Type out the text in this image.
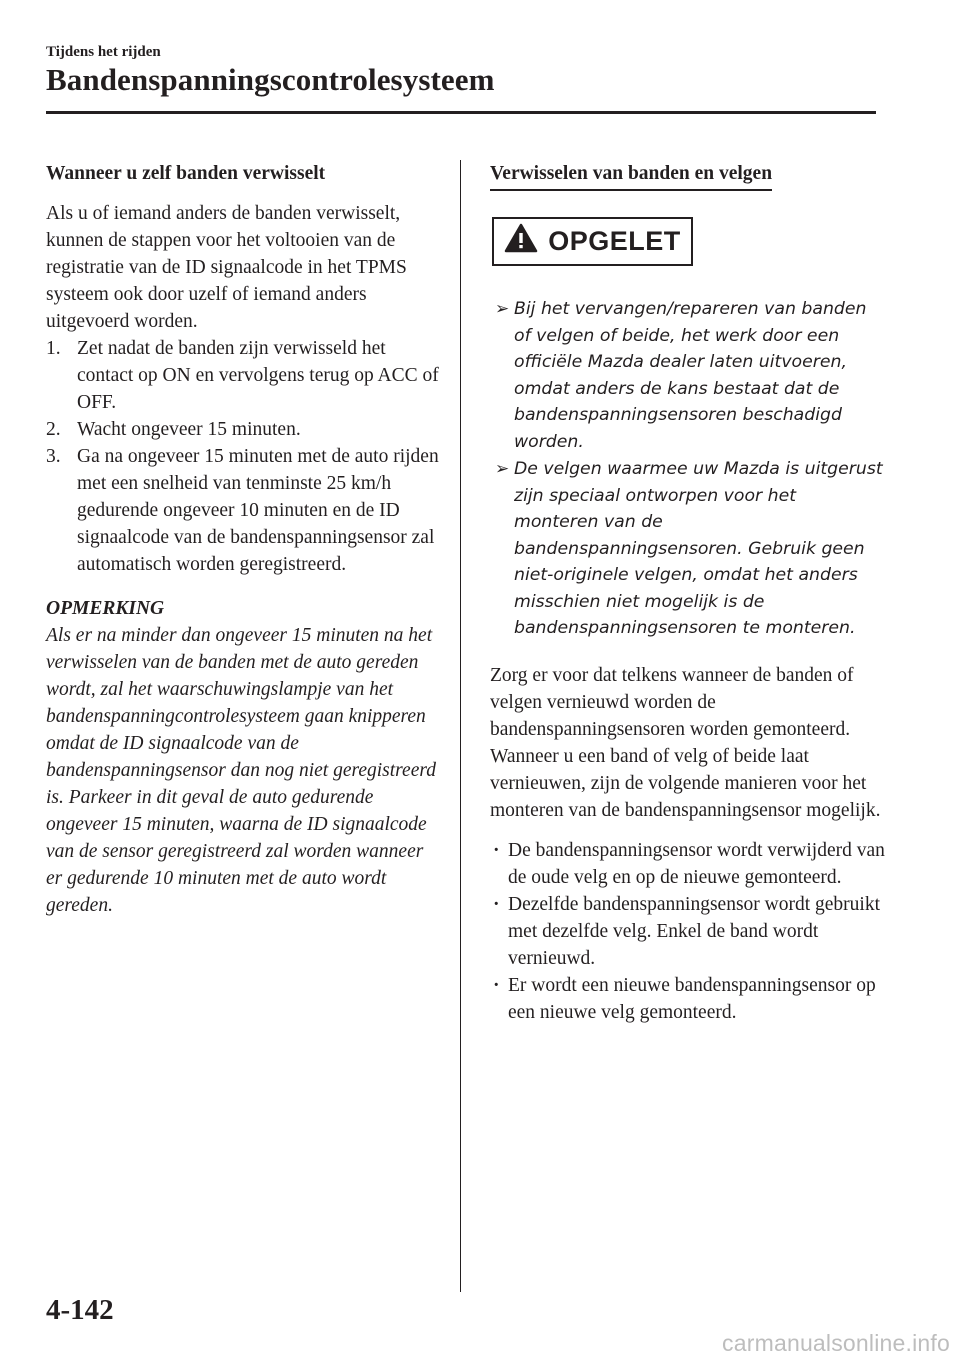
Tijdens het rijden
Bandenspanningscontrolesysteem
Wanneer u zelf banden verwisselt

Als u of iemand anders de banden verwisselt, kunnen de stappen voor het voltooien van de registratie van de ID signaalcode in het TPMS systeem ook door uzelf of iemand anders uitgevoerd worden.

1. Zet nadat de banden zijn verwisseld het contact op ON en vervolgens terug op ACC of OFF.
2. Wacht ongeveer 15 minuten.
3. Ga na ongeveer 15 minuten met de auto rijden met een snelheid van tenminste 25 km/h gedurende ongeveer 10 minuten en de ID signaalcode van de bandenspanningsensor zal automatisch worden geregistreerd.
OPMERKING

Als er na minder dan ongeveer 15 minuten na het verwisselen van de banden met de auto gereden wordt, zal het waarschuwingslampje van het bandenspanningcontrolesysteem gaan knipperen omdat de ID signaalcode van de bandenspanningsensor dan nog niet geregistreerd is. Parkeer in dit geval de auto gedurende ongeveer 15 minuten, waarna de ID signaalcode van de sensor geregistreerd zal worden wanneer er gedurende 10 minuten met de auto wordt gereden.

Verwisselen van banden en velgen
OPGELET
➢ Bij het vervangen/repareren van banden of velgen of beide, het werk door een officiële Mazda dealer laten uitvoeren, omdat anders de kans bestaat dat de bandenspanningsensoren beschadigd worden.
➢ De velgen waarmee uw Mazda is uitgerust zijn speciaal ontworpen voor het monteren van de bandenspanningsensoren. Gebruik geen niet-originele velgen, omdat het anders misschien niet mogelijk is de bandenspanningsensoren te monteren.

Zorg er voor dat telkens wanneer de banden of velgen vernieuwd worden de bandenspanningsensoren worden gemonteerd.

Wanneer u een band of velg of beide laat vernieuwen, zijn de volgende manieren voor het monteren van de bandenspanningsensor mogelijk.

· De bandenspanningsensor wordt verwijderd van de oude velg en op de nieuwe gemonteerd.
· Dezelfde bandenspanningsensor wordt gebruikt met dezelfde velg. Enkel de band wordt vernieuwd.
· Er wordt een nieuwe bandenspanningsensor op een nieuwe velg gemonteerd.
4-142
carmanualsonline.info
